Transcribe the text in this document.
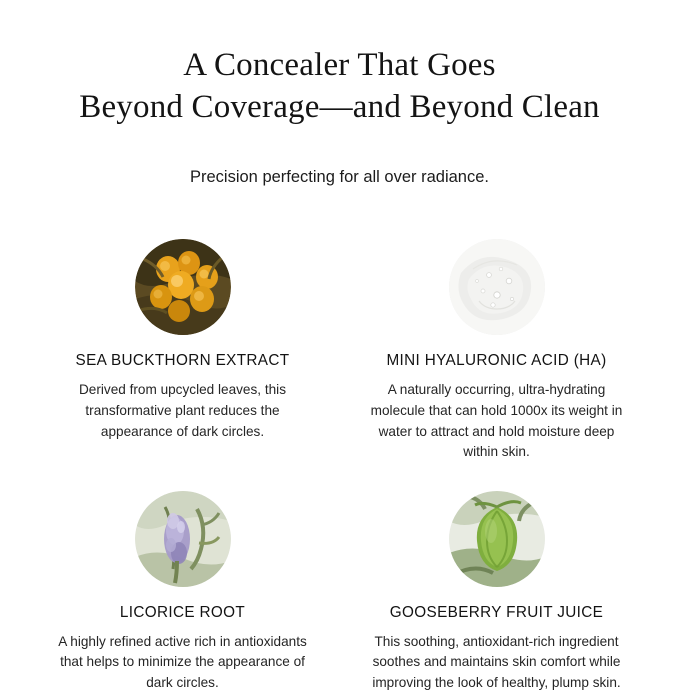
A Concealer That Goes
Beyond Coverage—and Beyond Clean

Precision perfecting for all over radiance.

SEA BUCKTHORN EXTRACT
Derived from upcycled leaves, this transformative plant reduces the appearance of dark circles.
MINI HYALURONIC ACID (HA)
A naturally occurring, ultra-hydrating molecule that can hold 1000x its weight in water to attract and hold moisture deep within skin.
LICORICE ROOT
A highly refined active rich in antioxidants that helps to minimize the appearance of dark circles.
GOOSEBERRY FRUIT JUICE
This soothing, antioxidant-rich ingredient soothes and maintains skin comfort while improving the look of healthy, plump skin.
